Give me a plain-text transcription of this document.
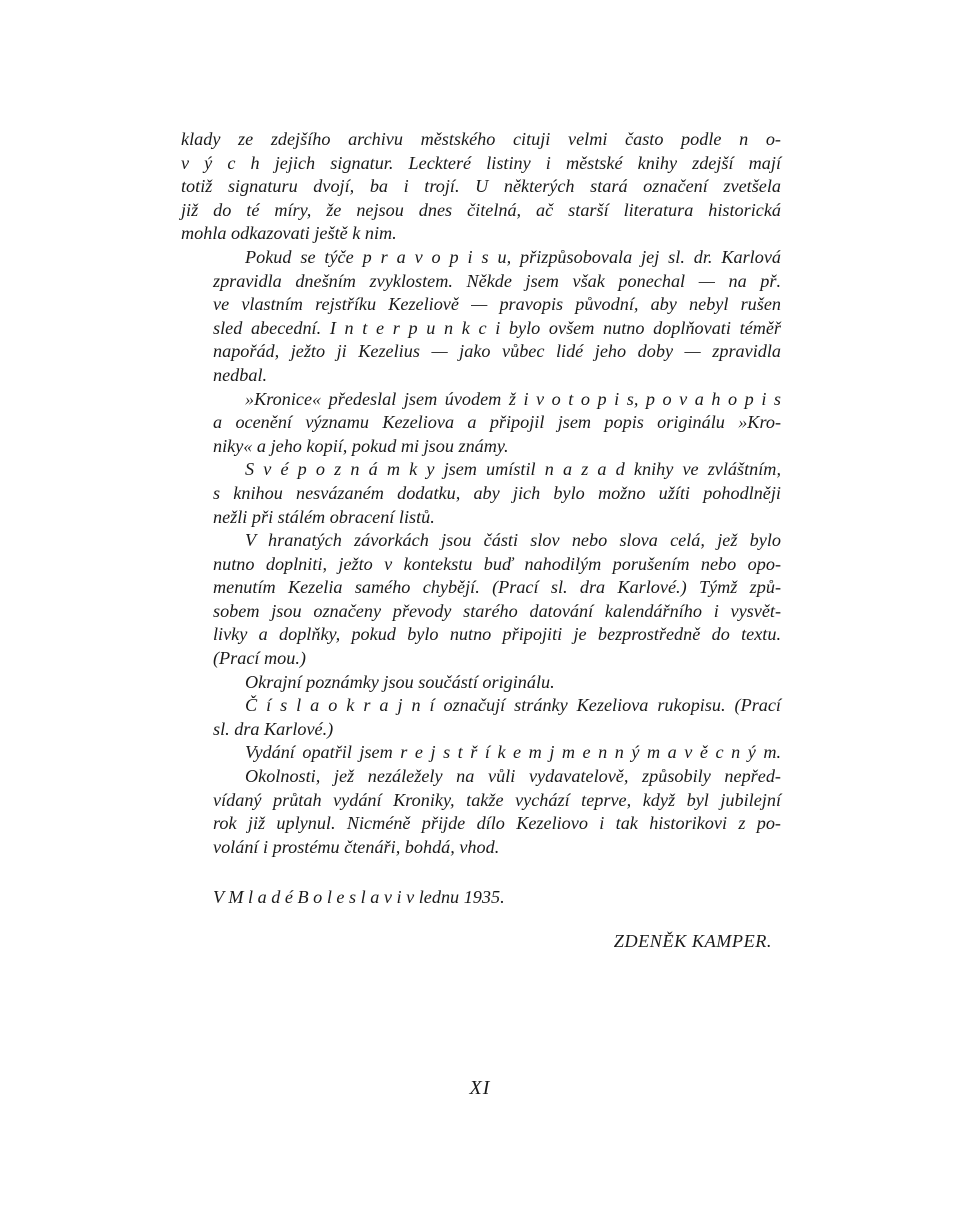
klady ze zdejšího archivu městského cituji velmi často podle n o-
v ý c h jejich signatur. Leckteré listiny i městské knihy zdejší mají
totiž signaturu dvojí, ba i trojí. U některých stará označení zvetšela
již do té míry, že nejsou dnes čitelná, ač starší literatura historická
mohla odkazovati ještě k nim.

Pokud se týče p r a v o p i s u, přizpůsobovala jej sl. dr. Karlová
zpravidla dnešním zvyklostem. Někde jsem však ponechal — na př.
ve vlastním rejstříku Kezeliově — pravopis původní, aby nebyl rušen
sled abecední. I n t e r p u n k c i bylo ovšem nutno doplňovati téměř
napořád, ježto ji Kezelius — jako vůbec lidé jeho doby — zpravidla
nedbal.

»Kronice« předeslal jsem úvodem ž i v o t o p i s, p o v a h o p i s
a ocenění významu Kezeliova a připojil jsem popis originálu »Kro-
niky« a jeho kopií, pokud mi jsou známy.

S v é p o z n á m k y jsem umístil n a z a d knihy ve zvláštním,
s knihou nesvázaném dodatku, aby jich bylo možno užíti pohodlněji
nežli při stálém obracení listů.

V hranatých závorkách jsou části slov nebo slova celá, jež bylo
nutno doplniti, ježto v kontekstu buď nahodilým porušením nebo opo-
menutím Kezelia samého chybějí. (Prací sl. dra Karlové.) Týmž způ-
sobem jsou označeny převody starého datování kalendářního i vysvět-
livky a doplňky, pokud bylo nutno připojiti je bezprostředně do textu.
(Prací mou.)

Okrajní poznámky jsou součástí originálu.

Č í s l a o k r a j n í označují stránky Kezeliova rukopisu. (Prací
sl. dra Karlové.)

Vydání opatřil jsem r e j s t ř í k e m j m e n n ý m a v ě c n ý m.

Okolnosti, jež nezáležely na vůli vydavatelově, způsobily nepřed-
vídaný průtah vydání Kroniky, takže vychází teprve, když byl jubilejní
rok již uplynul. Nicméně přijde dílo Kezeliovo i tak historikovi z po-
volání i prostému čtenáři, bohdá, vhod.

V M l a d é B o l e s l a v i v lednu 1935.
ZDENĚK KAMPER.
XI
